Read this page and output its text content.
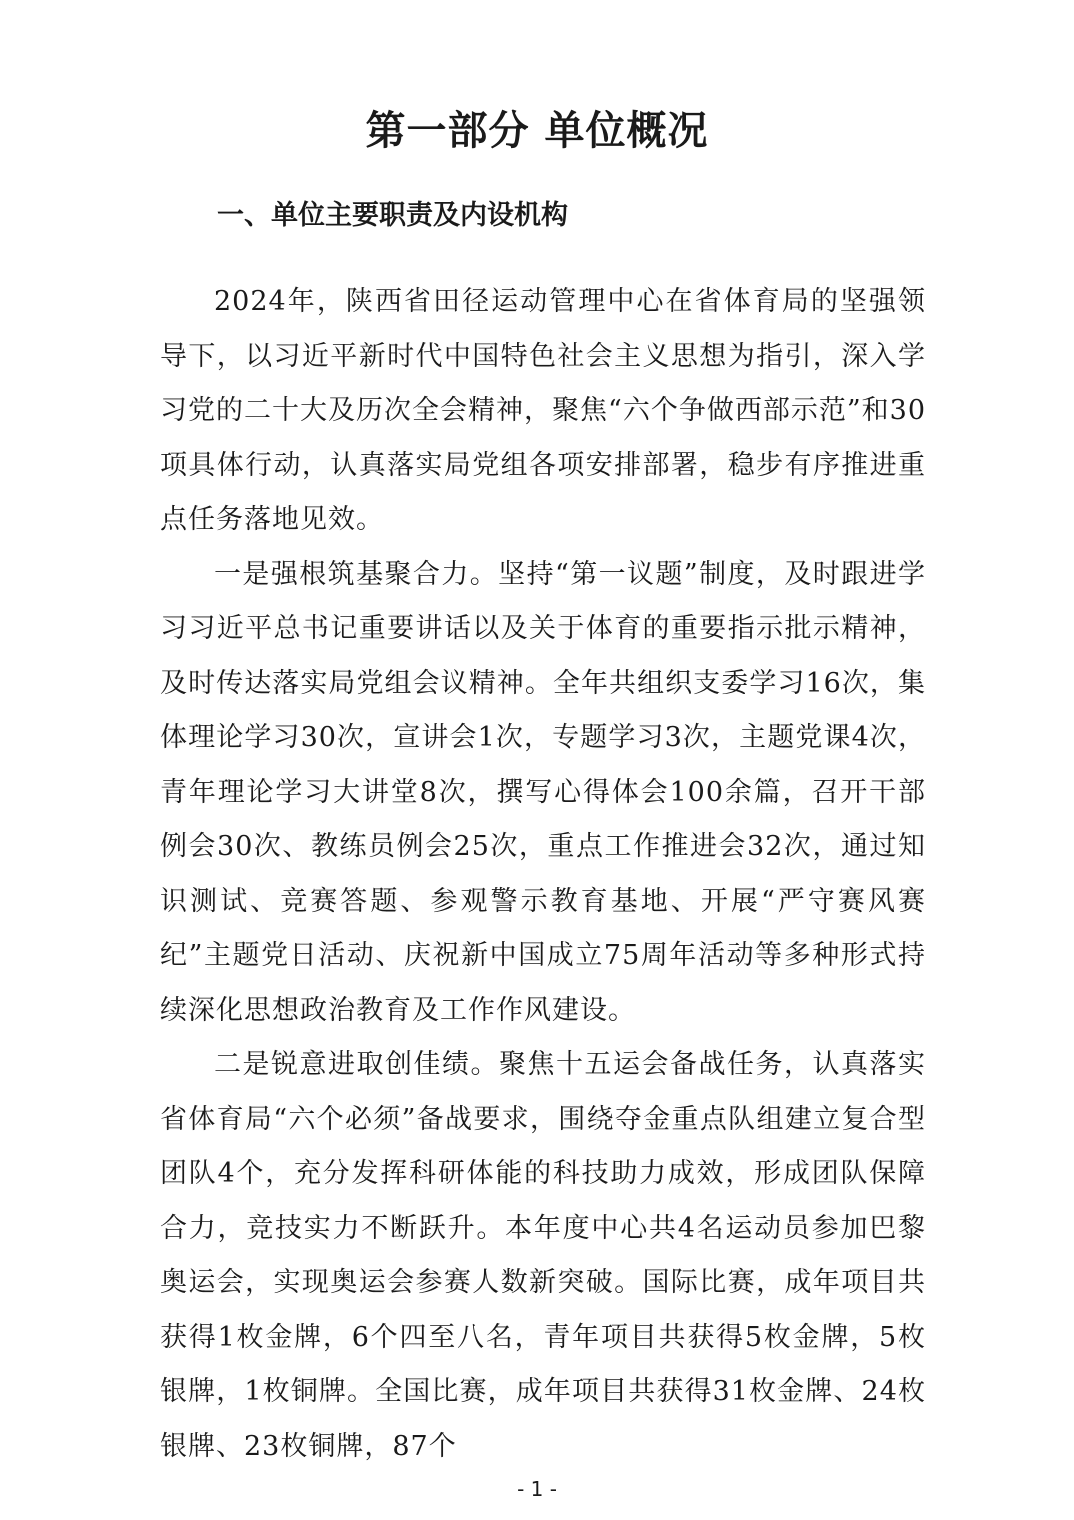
第一部分 单位概况
一、单位主要职责及内设机构

2024年，陕西省田径运动管理中心在省体育局的坚强领导下，以习近平新时代中国特色社会主义思想为指引，深入学习党的二十大及历次全会精神，聚焦“六个争做西部示范”和30项具体行动，认真落实局党组各项安排部署，稳步有序推进重点任务落地见效。

一是强根筑基聚合力。坚持“第一议题”制度，及时跟进学习习近平总书记重要讲话以及关于体育的重要指示批示精神，及时传达落实局党组会议精神。全年共组织支委学习16次，集体理论学习30次，宣讲会1次，专题学习3次，主题党课4次，青年理论学习大讲堂8次，撰写心得体会100余篇，召开干部例会30次、教练员例会25次，重点工作推进会32次，通过知识测试、竞赛答题、参观警示教育基地、开展“严守赛风赛纪”主题党日活动、庆祝新中国成立75周年活动等多种形式持续深化思想政治教育及工作作风建设。

二是锐意进取创佳绩。聚焦十五运会备战任务，认真落实省体育局“六个必须”备战要求，围绕夺金重点队组建立复合型团队4个，充分发挥科研体能的科技助力成效，形成团队保障合力，竞技实力不断跃升。本年度中心共4名运动员参加巴黎奥运会，实现奥运会参赛人数新突破。国际比赛，成年项目共获得1枚金牌，6个四至八名，青年项目共获得5枚金牌，5枚银牌，1枚铜牌。全国比赛，成年项目共获得31枚金牌、24枚银牌、23枚铜牌，87个

- 1 -
